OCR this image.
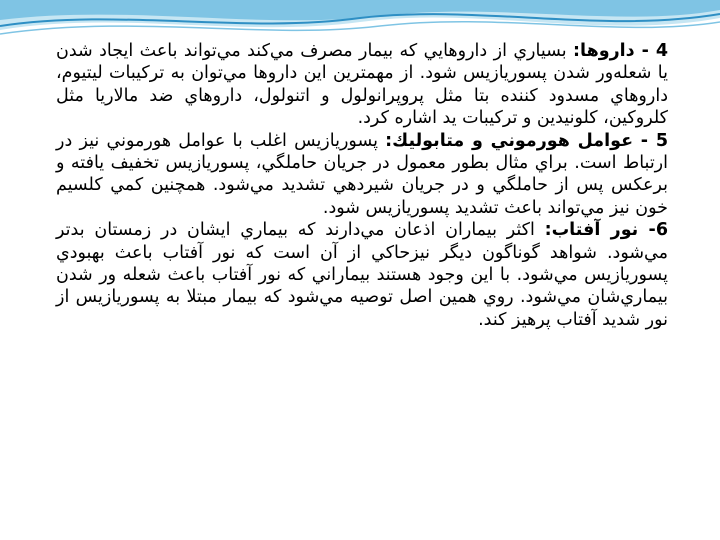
4 - داروها: بسياري از داروهايي كه بيمار مصرف مي‌كند مي‌تواند باعث ايجاد شدن يا شعله‌ور شدن پسوريازيس شود. از مهمترين اين داروها مي‌توان به تركيبات ليتيوم، داروهاي مسدود كننده بتا مثل پروپرانولول و اتنولول، داروهاي ضد مالاريا مثل كلروكين، كلونيدين و تركيبات يد اشاره كرد.

5 - عوامل هورموني و متابوليك: پسوريازيس اغلب با عوامل هورموني نيز در ارتباط است. براي مثال بطور معمول در جريان حاملگي، پسوريازيس تخفيف يافته و برعكس پس از حاملگي و در جريان شيردهي تشديد مي‌شود. همچنين كمي كلسيم خون نيز مي‌تواند باعث تشديد پسوريازيس شود.

6- نور آفتاب: اكثر بيماران اذعان مي‌دارند كه بيماري ايشان در زمستان بدتر مي‌شود. شواهد گوناگون ديگر نيزحاكي از آن است كه نور آفتاب باعث بهبودي پسوريازيس مي‌شود. با اين وجود هستند بيماراني كه نور آفتاب باعث شعله ور شدن بيماري‌شان مي‌شود. روي همين اصل توصيه مي‌شود كه بيمار مبتلا به پسوريازيس از نور شديد آفتاب پرهيز كند.
